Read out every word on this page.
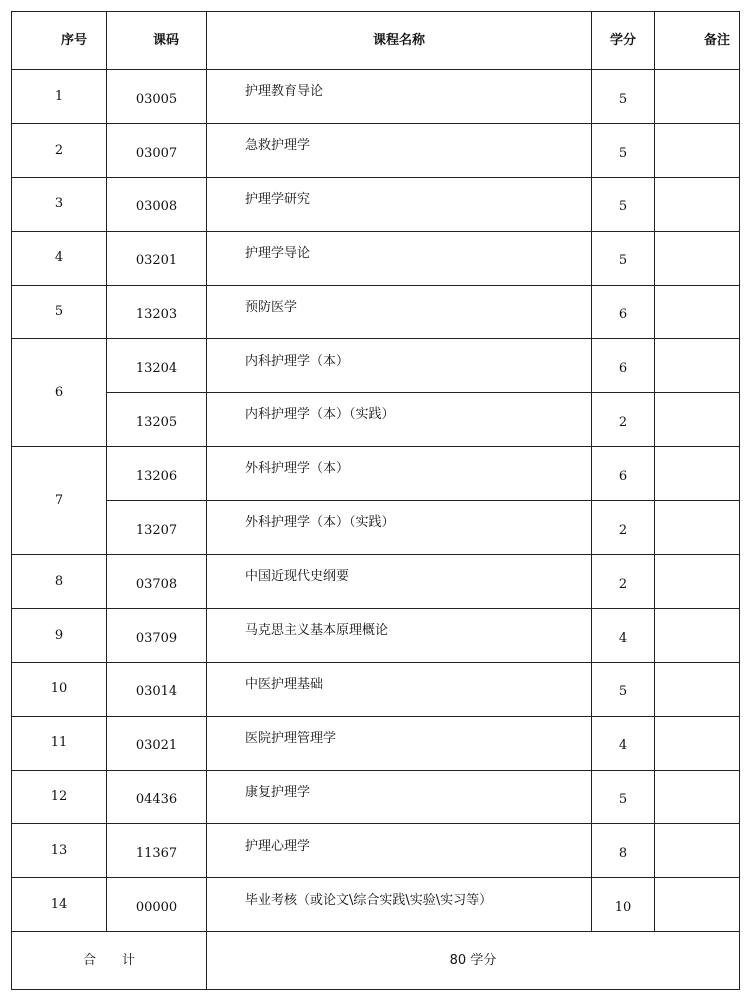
序号	课码	课程名称	学分	备注
1	03005	护理教育导论	5	
2	03007	急救护理学	5	
3	03008	护理学研究	5	
4	03201	护理学导论	5	
5	13203	预防医学	6	
6	13204	内科护理学（本）	6	
	13205	内科护理学（本）（实践）	2	
7	13206	外科护理学（本）	6	
	13207	外科护理学（本）（实践）	2	
8	03708	中国近现代史纲要	2	
9	03709	马克思主义基本原理概论	4	
10	03014	中医护理基础	5	
11	03021	医院护理管理学	4	
12	04436	康复护理学	5	
13	11367	护理心理学	8	
14	00000	毕业考核（或论文\综合实践\实验\实习等）	10	
合计		80 学分		
